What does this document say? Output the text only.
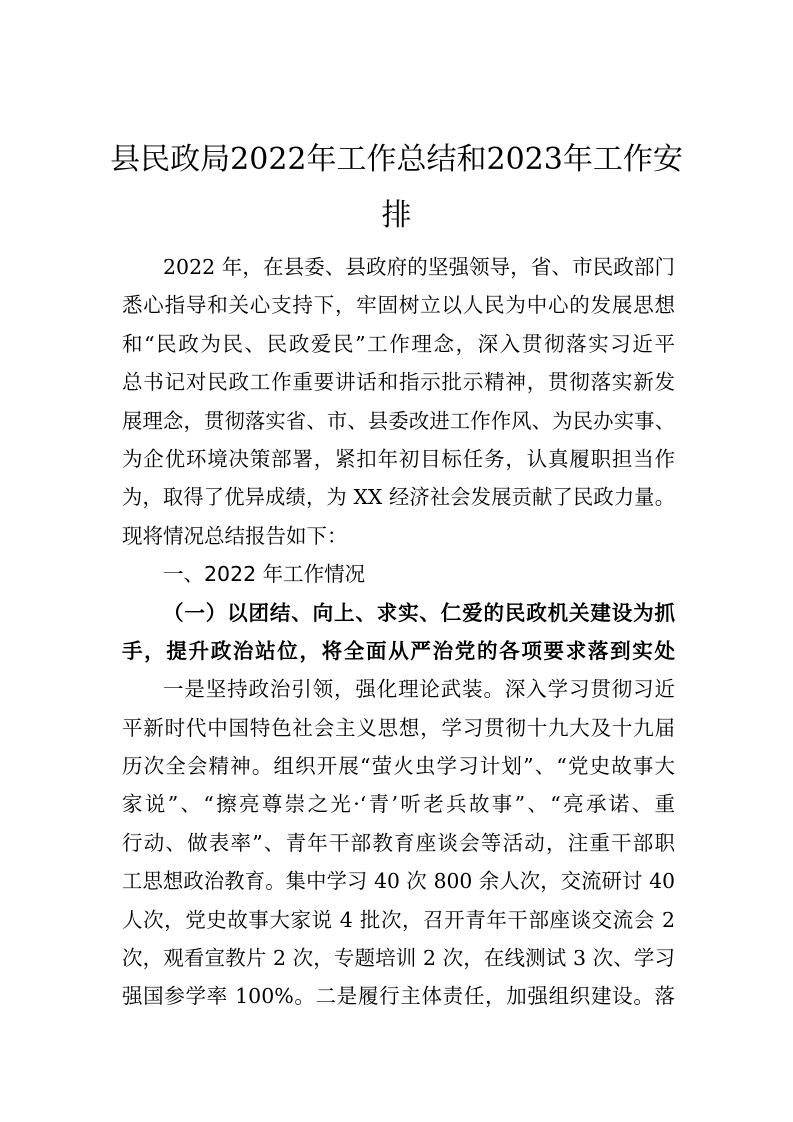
县民政局2022年工作总结和2023年工作安
排
2022 年，在县委、县政府的坚强领导，省、市民政部门
悉心指导和关心支持下，牢固树立以人民为中心的发展思想
和“民政为民、民政爱民”工作理念，深入贯彻落实习近平
总书记对民政工作重要讲话和指示批示精神，贯彻落实新发
展理念，贯彻落实省、市、县委改进工作作风、为民办实事、
为企优环境决策部署，紧扣年初目标任务，认真履职担当作
为，取得了优异成绩，为 XX 经济社会发展贡献了民政力量。
现将情况总结报告如下：
一、2022 年工作情况
（一）以团结、向上、求实、仁爱的民政机关建设为抓
手，提升政治站位，将全面从严治党的各项要求落到实处
一是坚持政治引领，强化理论武装。深入学习贯彻习近
平新时代中国特色社会主义思想，学习贯彻十九大及十九届
历次全会精神。组织开展“萤火虫学习计划”、“党史故事大
家说”、“擦亮尊崇之光·‘青’听老兵故事”、“亮承诺、重
行动、做表率”、青年干部教育座谈会等活动，注重干部职
工思想政治教育。集中学习 40 次 800 余人次，交流研讨 40
人次，党史故事大家说 4 批次，召开青年干部座谈交流会 2
次，观看宣教片 2 次，专题培训 2 次，在线测试 3 次、学习
强国参学率 100%。二是履行主体责任，加强组织建设。落
